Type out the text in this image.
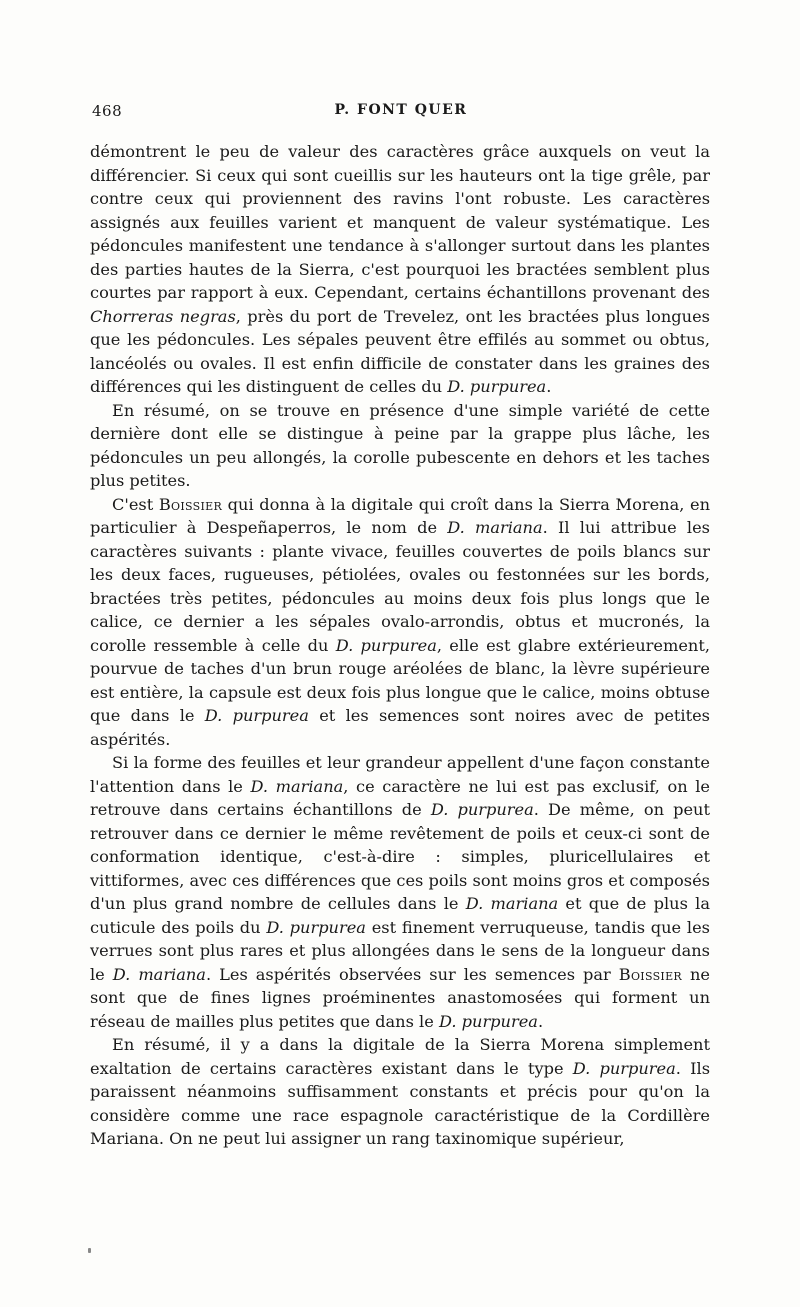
468	P. FONT QUER

démontrent le peu de valeur des caractères grâce auxquels on veut la différencier. Si ceux qui sont cueillis sur les hauteurs ont la tige grêle, par contre ceux qui proviennent des ravins l'ont robuste. Les caractères assignés aux feuilles varient et manquent de valeur systématique. Les pédoncules manifestent une tendance à s'allonger surtout dans les plantes des parties hautes de la Sierra, c'est pourquoi les bractées semblent plus courtes par rapport à eux. Cependant, certains échantillons provenant des Chorreras negras, près du port de Trevelez, ont les bractées plus longues que les pédoncules. Les sépales peuvent être effilés au sommet ou obtus, lancéolés ou ovales. Il est enfin difficile de constater dans les graines des différences qui les distinguent de celles du D. purpurea.

En résumé, on se trouve en présence d'une simple variété de cette dernière dont elle se distingue à peine par la grappe plus lâche, les pédoncules un peu allongés, la corolle pubescente en dehors et les taches plus petites.

C'est Boissier qui donna à la digitale qui croît dans la Sierra Morena, en particulier à Despeñaperros, le nom de D. mariana. Il lui attribue les caractères suivants : plante vivace, feuilles couvertes de poils blancs sur les deux faces, rugueuses, pétiolées, ovales ou festonnées sur les bords, bractées très petites, pédoncules au moins deux fois plus longs que le calice, ce dernier a les sépales ovalo-arrondis, obtus et mucronés, la corolle ressemble à celle du D. purpurea, elle est glabre extérieurement, pourvue de taches d'un brun rouge aréolées de blanc, la lèvre supérieure est entière, la capsule est deux fois plus longue que le calice, moins obtuse que dans le D. purpurea et les semences sont noires avec de petites aspérités.

Si la forme des feuilles et leur grandeur appellent d'une façon constante l'attention dans le D. mariana, ce caractère ne lui est pas exclusif, on le retrouve dans certains échantillons de D. purpurea. De même, on peut retrouver dans ce dernier le même revêtement de poils et ceux-ci sont de conformation identique, c'est-à-dire : simples, pluricellulaires et vittiformes, avec ces différences que ces poils sont moins gros et composés d'un plus grand nombre de cellules dans le D. mariana et que de plus la cuticule des poils du D. purpurea est finement verruqueuse, tandis que les verrues sont plus rares et plus allongées dans le sens de la longueur dans le D. mariana. Les aspérités observées sur les semences par Boissier ne sont que de fines lignes proéminentes anastomosées qui forment un réseau de mailles plus petites que dans le D. purpurea.

En résumé, il y a dans la digitale de la Sierra Morena simplement exaltation de certains caractères existant dans le type D. purpurea. Ils paraissent néanmoins suffisamment constants et précis pour qu'on la considère comme une race espagnole caractéristique de la Cordillère Mariana. On ne peut lui assigner un rang taxinomique supérieur,
